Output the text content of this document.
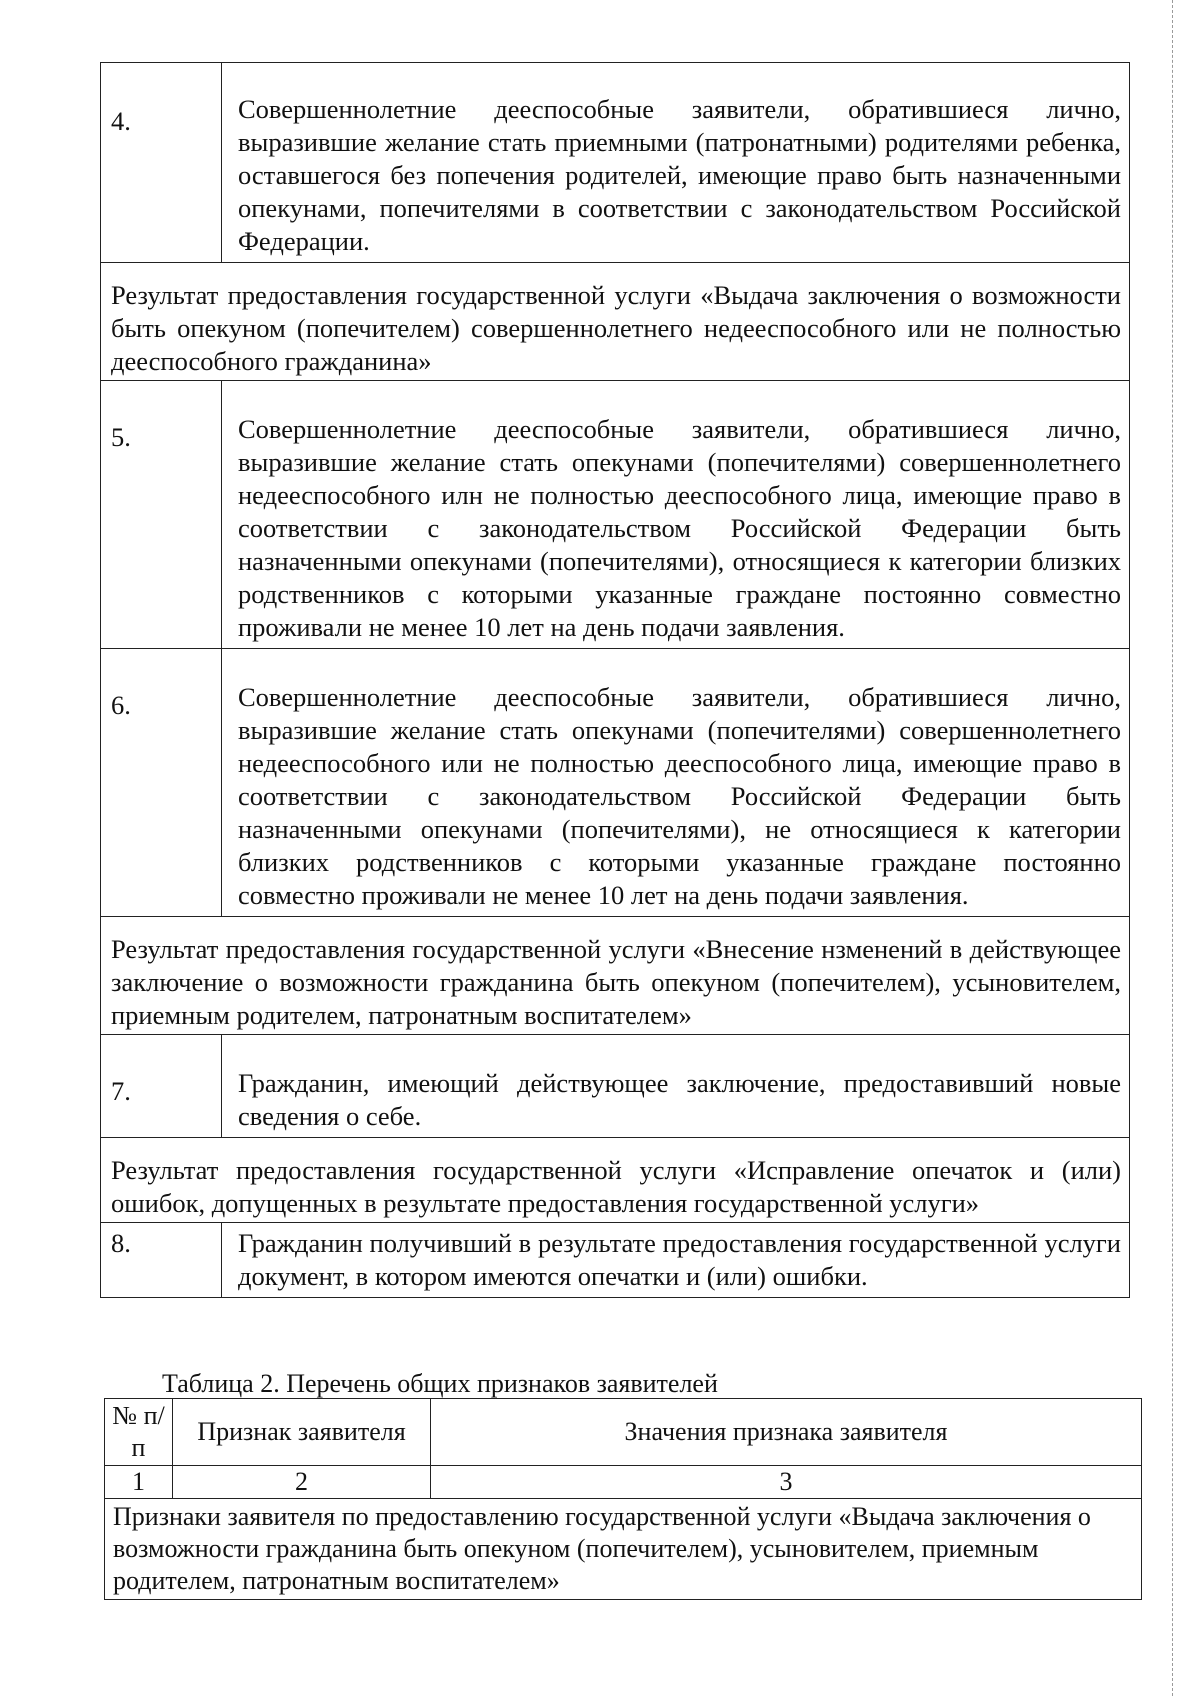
4.	Совершеннолетние дееспособные заявители, обратившиеся лично, выразившие желание стать приемными (патронатными) родителями ребенка, оставшегося без попечения родителей, имеющие право быть назначенными опекунами, попечителями в соответствии с законодательством Российской Федерации.
Результат предоставления государственной услуги «Выдача заключения о возможности быть опекуном (попечителем) совершеннолетнего недееспособного или не полностью дееспособного гражданина»	
5.	Совершеннолетние дееспособные заявители, обратившиеся лично, выразившие желание стать опекунами (попечителями) совершеннолетнего недееспособного илн не полностью дееспособного лица, имеющие право в соответствии с законодательством Российской Федерации быть назначенными опекунами (попечителями), относящиеся к категории близких родственников с которыми указанные граждане постоянно совместно проживали не менее 10 лет на день подачи заявления.
6.	Совершеннолетние дееспособные заявители, обратившиеся лично, выразившие желание стать опекунами (попечителями) совершеннолетнего недееспособного или не полностью дееспособного лица, имеющие право в соответствии с законодательством Российской Федерации быть назначенными опекунами (попечителями), не относящиеся к категории близких родственников с которыми указанные граждане постоянно совместно проживали не менее 10 лет на день подачи заявления.
Результат предоставления государственной услуги «Внесение нзменений в действующее заключение о возможности гражданина быть опекуном (попечителем), усыновителем, приемным родителем, патронатным воспитателем»	
7.	Гражданин, имеющий действующее заключение, предоставивший новые сведения о себе.
Результат предоставления государственной услуги «Исправление опечаток и (или) ошибок, допущенных в результате предоставления государственной услуги»	
8.	Гражданин получивший в результате предоставления государственной услуги документ, в котором имеются опечатки и (или) ошибки.
Таблица 2. Перечень общих признаков заявителей
№ п/п	Признак заявителя	Значения признака заявителя
1	2	3
Признаки заявителя по предоставлению государственной услуги «Выдача заключения о возможности гражданина быть опекуном (попечителем), усыновителем, приемным родителем, патронатным воспитателем»		
